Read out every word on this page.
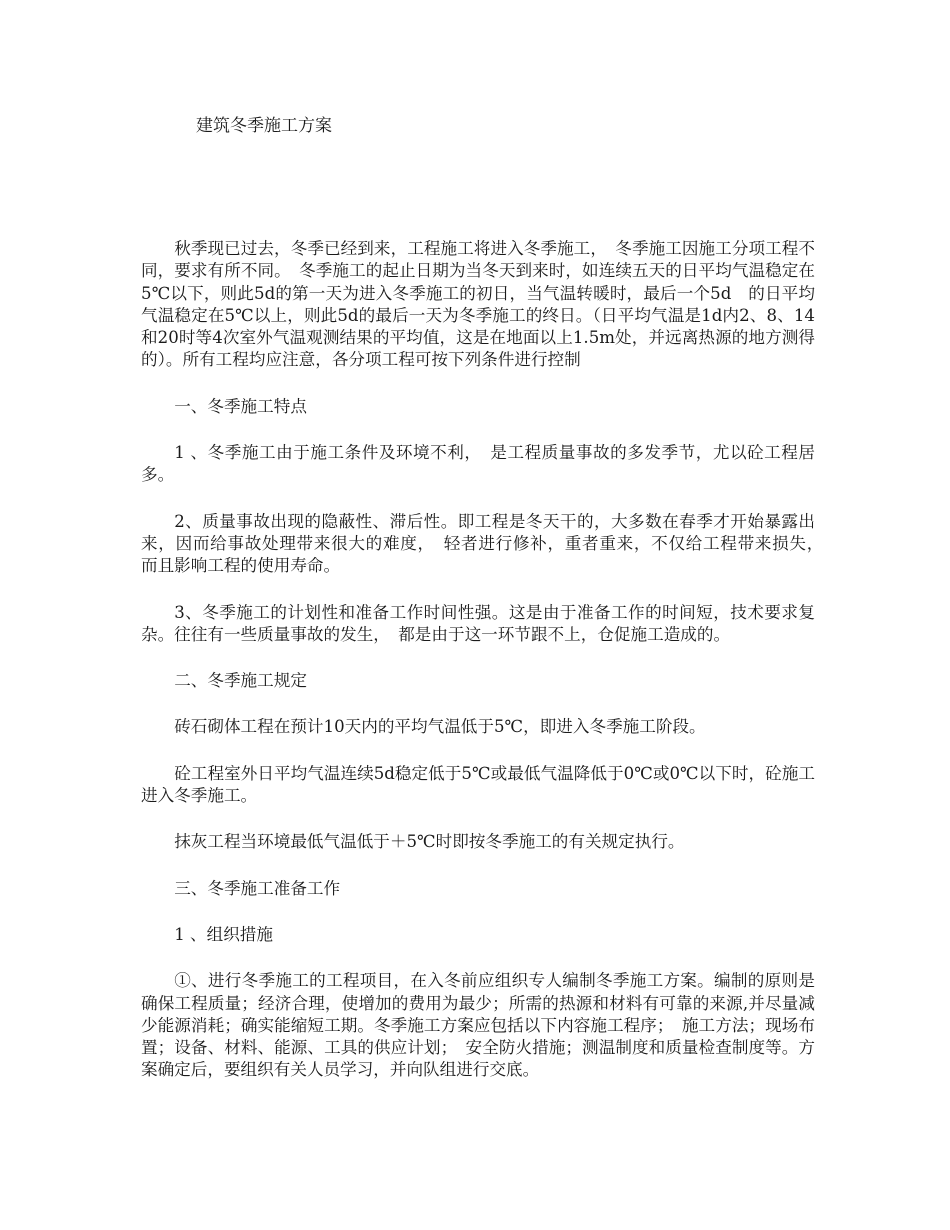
建筑冬季施工方案

秋季现已过去，冬季已经到来，工程施工将进入冬季施工，　冬季施工因施工分项工程不同，要求有所不同。　冬季施工的起止日期为当冬天到来时，如连续五天的日平均气温稳定在5℃以下，则此5d的第一天为进入冬季施工的初日，当气温转暖时，最后一个5d　的日平均气温稳定在5℃以上，则此5d的最后一天为冬季施工的终日。（日平均气温是1d内2、8、14和20时等4次室外气温观测结果的平均值，这是在地面以上1.5m处，并远离热源的地方测得的）。所有工程均应注意，各分项工程可按下列条件进行控制

一、冬季施工特点

1 、冬季施工由于施工条件及环境不利，　是工程质量事故的多发季节，尤以砼工程居多。

2、质量事故出现的隐蔽性、滞后性。即工程是冬天干的，大多数在春季才开始暴露出来，因而给事故处理带来很大的难度，　轻者进行修补，重者重来，不仅给工程带来损失，　而且影响工程的使用寿命。

3、冬季施工的计划性和准备工作时间性强。这是由于准备工作的时间短，技术要求复杂。往往有一些质量事故的发生，　都是由于这一环节跟不上，仓促施工造成的。

二、冬季施工规定

砖石砌体工程在预计10天内的平均气温低于5℃，即进入冬季施工阶段。

砼工程室外日平均气温连续5d稳定低于5℃或最低气温降低于0℃或0℃以下时，砼施工进入冬季施工。

抹灰工程当环境最低气温低于＋5℃时即按冬季施工的有关规定执行。

三、冬季施工准备工作

1 、组织措施

①、进行冬季施工的工程项目，在入冬前应组织专人编制冬季施工方案。编制的原则是确保工程质量；经济合理，使增加的费用为最少；所需的热源和材料有可靠的来源,并尽量减少能源消耗；确实能缩短工期。冬季施工方案应包括以下内容施工程序；　施工方法；现场布置；设备、材料、能源、工具的供应计划；　安全防火措施；测温制度和质量检查制度等。方案确定后，要组织有关人员学习，并向队组进行交底。
